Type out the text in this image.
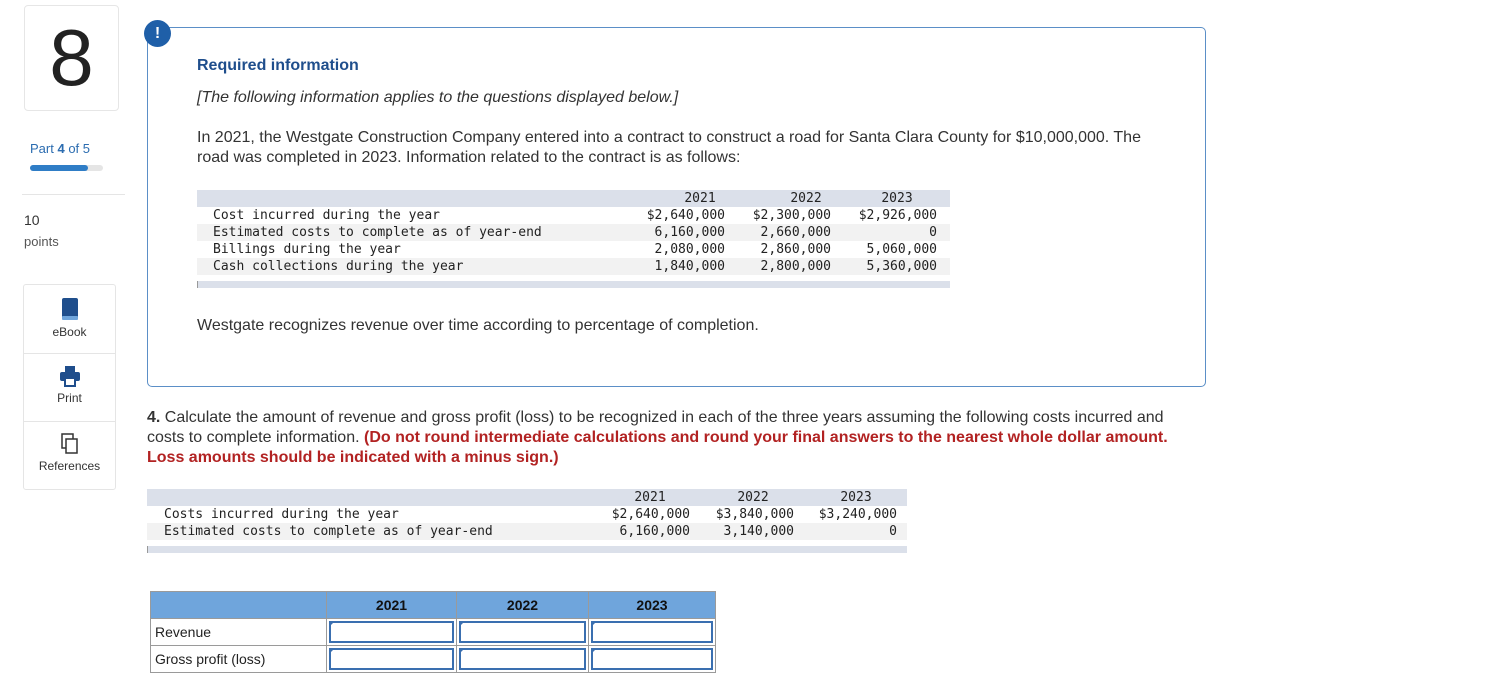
8
Part 4 of 5
10
points
eBook
Print
References
Required information
[The following information applies to the questions displayed below.]
In 2021, the Westgate Construction Company entered into a contract to construct a road for Santa Clara County for $10,000,000. The road was completed in 2023. Information related to the contract is as follows:
2021	2022	2023
Cost incurred during the year	$2,640,000	$2,300,000	$2,926,000
Estimated costs to complete as of year-end	6,160,000	2,660,000	0
Billings during the year	2,080,000	2,860,000	5,060,000
Cash collections during the year	1,840,000	2,800,000	5,360,000
Westgate recognizes revenue over time according to percentage of completion.
!
4. Calculate the amount of revenue and gross profit (loss) to be recognized in each of the three years assuming the following costs incurred and costs to complete information. (Do not round intermediate calculations and round your final answers to the nearest whole dollar amount. Loss amounts should be indicated with a minus sign.)
2021	2022	2023
Costs incurred during the year	$2,640,000	$3,840,000	$3,240,000
Estimated costs to complete as of year-end	6,160,000	3,140,000	0
	2021	2022	2023
Revenue	

Gross profit (loss)	
